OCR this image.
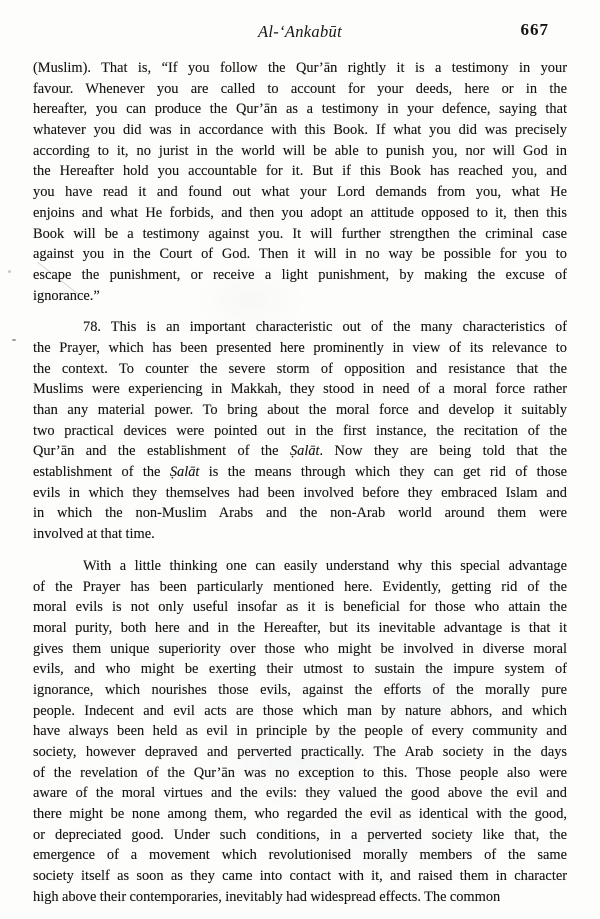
Al-‘Ankabūt	667
(Muslim). That is, “If you follow the Qur’ān rightly it is a testimony in your
favour. Whenever you are called to account for your deeds, here or in the
hereafter, you can produce the Qur’ān as a testimony in your defence, saying that
whatever you did was in accordance with this Book. If what you did was precisely
according to it, no jurist in the world will be able to punish you, nor will God in
the Hereafter hold you accountable for it. But if this Book has reached you, and
you have read it and found out what your Lord demands from you, what He
enjoins and what He forbids, and then you adopt an attitude opposed to it, then this
Book will be a testimony against you. It will further strengthen the criminal case
against you in the Court of God. Then it will in no way be possible for you to
escape the punishment, or receive a light punishment, by making the excuse of
ignorance.”
78. This is an important characteristic out of the many characteristics of
the Prayer, which has been presented here prominently in view of its relevance to
the context. To counter the severe storm of opposition and resistance that the
Muslims were experiencing in Makkah, they stood in need of a moral force rather
than any material power. To bring about the moral force and develop it suitably
two practical devices were pointed out in the first instance, the recitation of the
Qur’ān and the establishment of the Ṣalāt. Now they are being told that the
establishment of the Ṣalāt is the means through which they can get rid of those
evils in which they themselves had been involved before they embraced Islam and
in which the non-Muslim Arabs and the non-Arab world around them were
involved at that time.
With a little thinking one can easily understand why this special advantage
of the Prayer has been particularly mentioned here. Evidently, getting rid of the
moral evils is not only useful insofar as it is beneficial for those who attain the
moral purity, both here and in the Hereafter, but its inevitable advantage is that it
gives them unique superiority over those who might be involved in diverse moral
evils, and who might be exerting their utmost to sustain the impure system of
ignorance, which nourishes those evils, against the efforts of the morally pure
people. Indecent and evil acts are those which man by nature abhors, and which
have always been held as evil in principle by the people of every community and
society, however depraved and perverted practically. The Arab society in the days
of the revelation of the Qur’ān was no exception to this. Those people also were
aware of the moral virtues and the evils: they valued the good above the evil and
there might be none among them, who regarded the evil as identical with the good,
or depreciated good. Under such conditions, in a perverted society like that, the
emergence of a movement which revolutionised morally members of the same
society itself as soon as they came into contact with it, and raised them in character
high above their contemporaries, inevitably had widespread effects. The common
